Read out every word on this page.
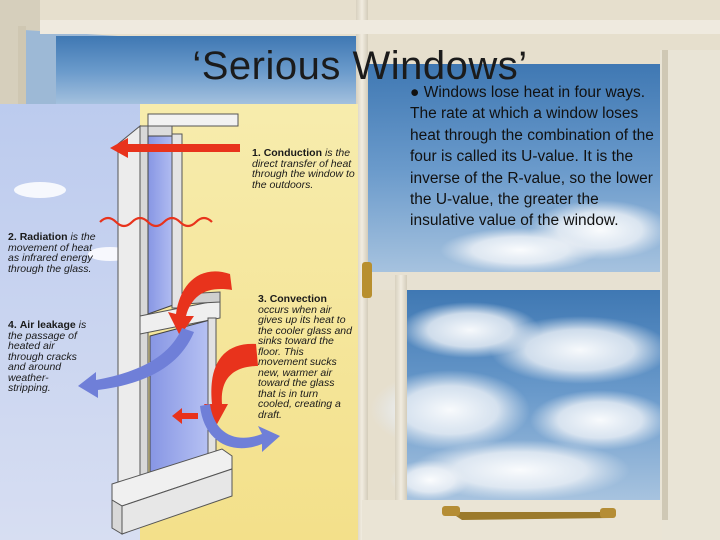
‘Serious Windows’
● Windows lose heat in four ways. The rate at which a window loses heat through the combination of the four is called its U-value. It is the inverse of the R-value, so the lower the U-value, the greater the insulative value of the window.
1. Conduction is the direct transfer of heat through the window to the outdoors.
2. Radiation is the movement of heat as infrared energy through the glass.
3. Convection occurs when air gives up its heat to the cooler glass and sinks toward the floor. This movement sucks new, warmer air toward the glass that is in turn cooled, creating a draft.
4. Air leakage is the passage of heated air through cracks and around weather-stripping.
